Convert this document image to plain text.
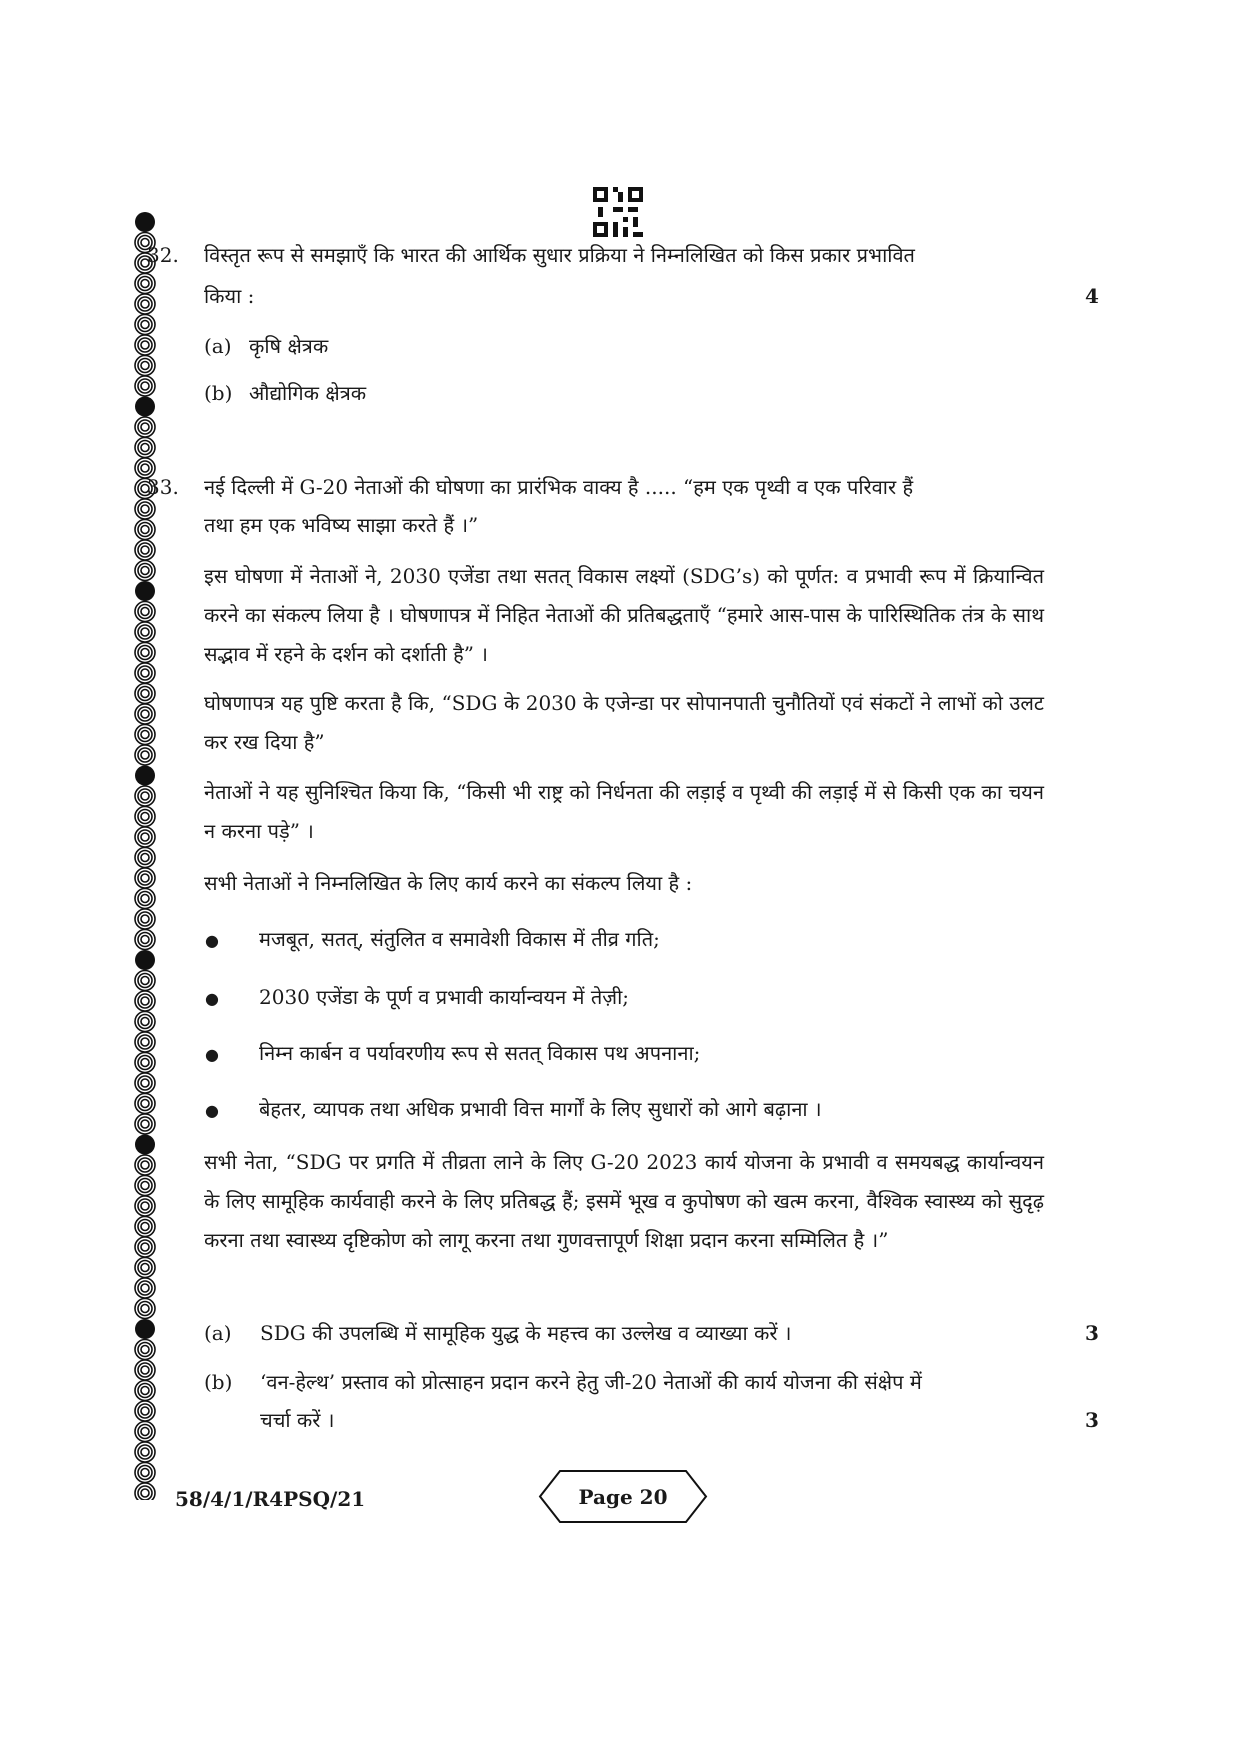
32. विस्तृत रूप से समझाएँ कि भारत की आर्थिक सुधार प्रक्रिया ने निम्नलिखित को किस प्रकार प्रभावित
किया :	4
(a) कृषि क्षेत्रक
(b) औद्योगिक क्षेत्रक
33. नई दिल्ली में G-20 नेताओं की घोषणा का प्रारंभिक वाक्य है ..... “हम एक पृथ्वी व एक परिवार हैं
तथा हम एक भविष्य साझा करते हैं ।”

इस घोषणा में नेताओं ने, 2030 एजेंडा तथा सतत् विकास लक्ष्यों (SDG’s) को पूर्णत: व प्रभावी रूप में क्रियान्वित करने का संकल्प लिया है । घोषणापत्र में निहित नेताओं की प्रतिबद्धताएँ “हमारे आस-पास के पारिस्थितिक तंत्र के साथ सद्भाव में रहने के दर्शन को दर्शाती है” ।

घोषणापत्र यह पुष्टि करता है कि, “SDG के 2030 के एजेन्डा पर सोपानपाती चुनौतियों एवं संकटों ने लाभों को उलट कर रख दिया है”

नेताओं ने यह सुनिश्चित किया कि, “किसी भी राष्ट्र को निर्धनता की लड़ाई व पृथ्वी की लड़ाई में से किसी एक का चयन न करना पड़े” ।

सभी नेताओं ने निम्नलिखित के लिए कार्य करने का संकल्प लिया है :

● मजबूत, सतत्, संतुलित व समावेशी विकास में तीव्र गति;
● 2030 एजेंडा के पूर्ण व प्रभावी कार्यान्वयन में तेज़ी;
● निम्न कार्बन व पर्यावरणीय रूप से सतत् विकास पथ अपनाना;
● बेहतर, व्यापक तथा अधिक प्रभावी वित्त मार्गों के लिए सुधारों को आगे बढ़ाना ।

सभी नेता, “SDG पर प्रगति में तीव्रता लाने के लिए G-20 2023 कार्य योजना के प्रभावी व समयबद्ध कार्यान्वयन के लिए सामूहिक कार्यवाही करने के लिए प्रतिबद्ध हैं; इसमें भूख व कुपोषण को खत्म करना, वैश्विक स्वास्थ्य को सुदृढ़ करना तथा स्वास्थ्य दृष्टिकोण को लागू करना तथा गुणवत्तापूर्ण शिक्षा प्रदान करना सम्मिलित है ।”

(a) SDG की उपलब्धि में सामूहिक युद्ध के महत्त्व का उल्लेख व व्याख्या करें ।	3
(b) ‘वन-हेल्थ’ प्रस्ताव को प्रोत्साहन प्रदान करने हेतु जी-20 नेताओं की कार्य योजना की संक्षेप में
चर्चा करें ।	3
58/4/1/R4PSQ/21	Page 20
